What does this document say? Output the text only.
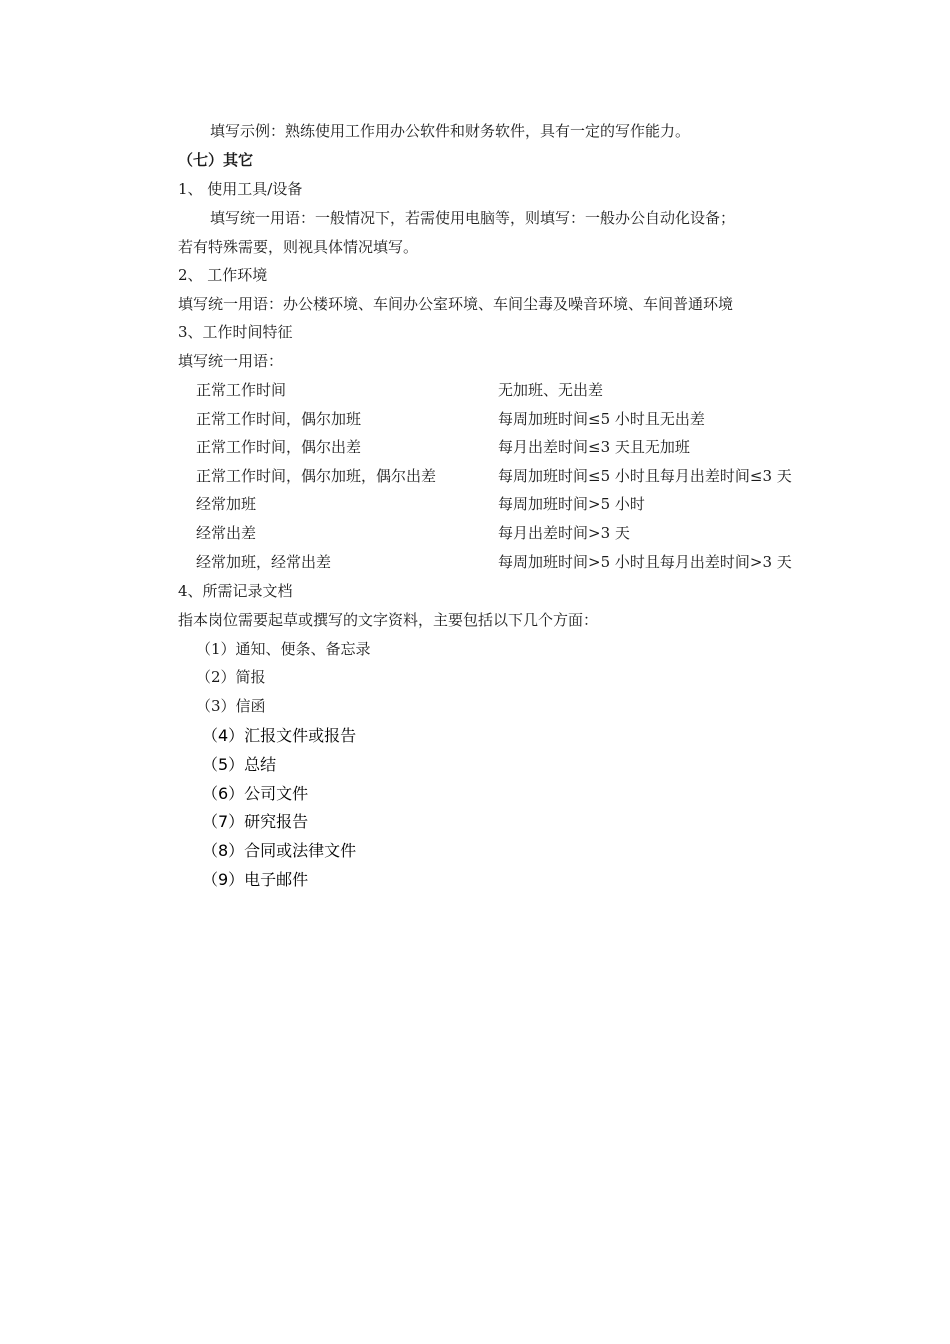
填写示例：熟练使用工作用办公软件和财务软件，具有一定的写作能力。
（七）其它
1、 使用工具/设备
填写统一用语：一般情况下，若需使用电脑等，则填写：一般办公自动化设备；
若有特殊需要，则视具体情况填写。
2、 工作环境
填写统一用语：办公楼环境、车间办公室环境、车间尘毒及噪音环境、车间普通环境
3、工作时间特征
填写统一用语：
正常工作时间	无加班、无出差
正常工作时间，偶尔加班	每周加班时间≤5 小时且无出差
正常工作时间，偶尔出差	每月出差时间≤3 天且无加班
正常工作时间，偶尔加班，偶尔出差	每周加班时间≤5 小时且每月出差时间≤3 天
经常加班	每周加班时间>5 小时
经常出差	每月出差时间>3 天
经常加班，经常出差	每周加班时间>5 小时且每月出差时间>3 天
4、所需记录文档
指本岗位需要起草或撰写的文字资料，主要包括以下几个方面：
（1）通知、便条、备忘录
（2）简报
（3）信函
（4）汇报文件或报告
（5）总结
（6）公司文件
（7）研究报告
（8）合同或法律文件
（9）电子邮件
